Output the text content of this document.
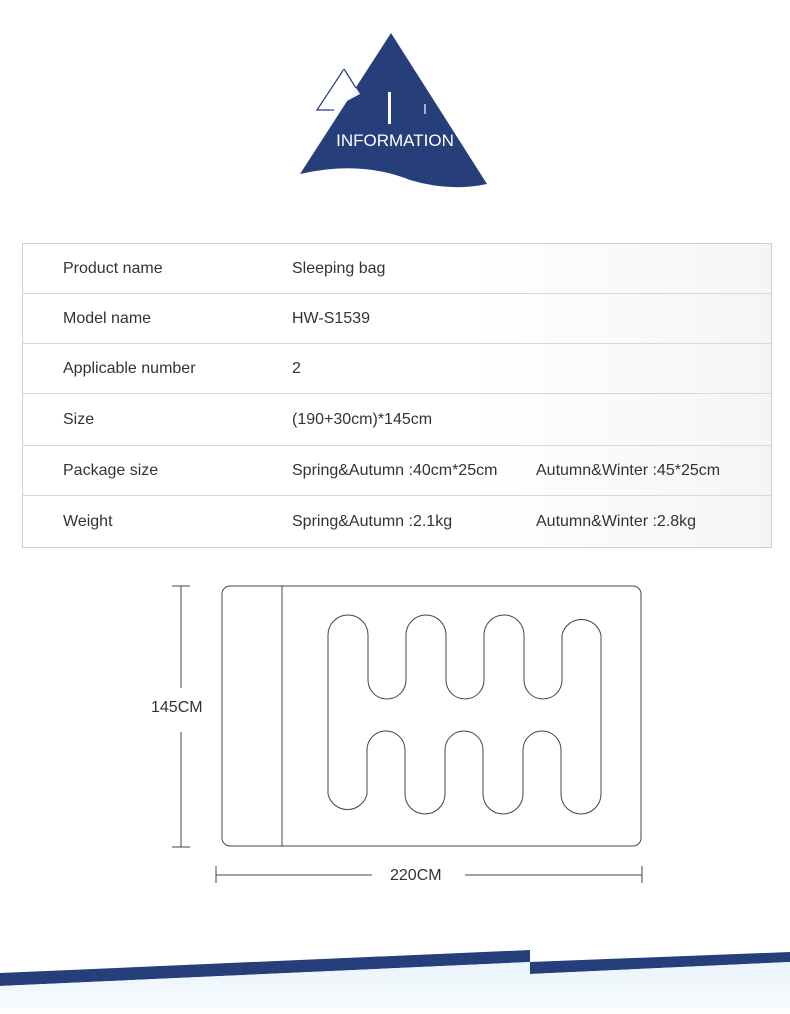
INFORMATION
Product name	Sleeping bag
Model name	HW-S1539
Applicable number	2
Size	(190+30cm)*145cm
Package size	Spring&Autumn :40cm*25cm Autumn&Winter :45*25cm
Weight	Spring&Autumn :2.1kg	Autumn&Winter :2.8kg
145CM
220CM
